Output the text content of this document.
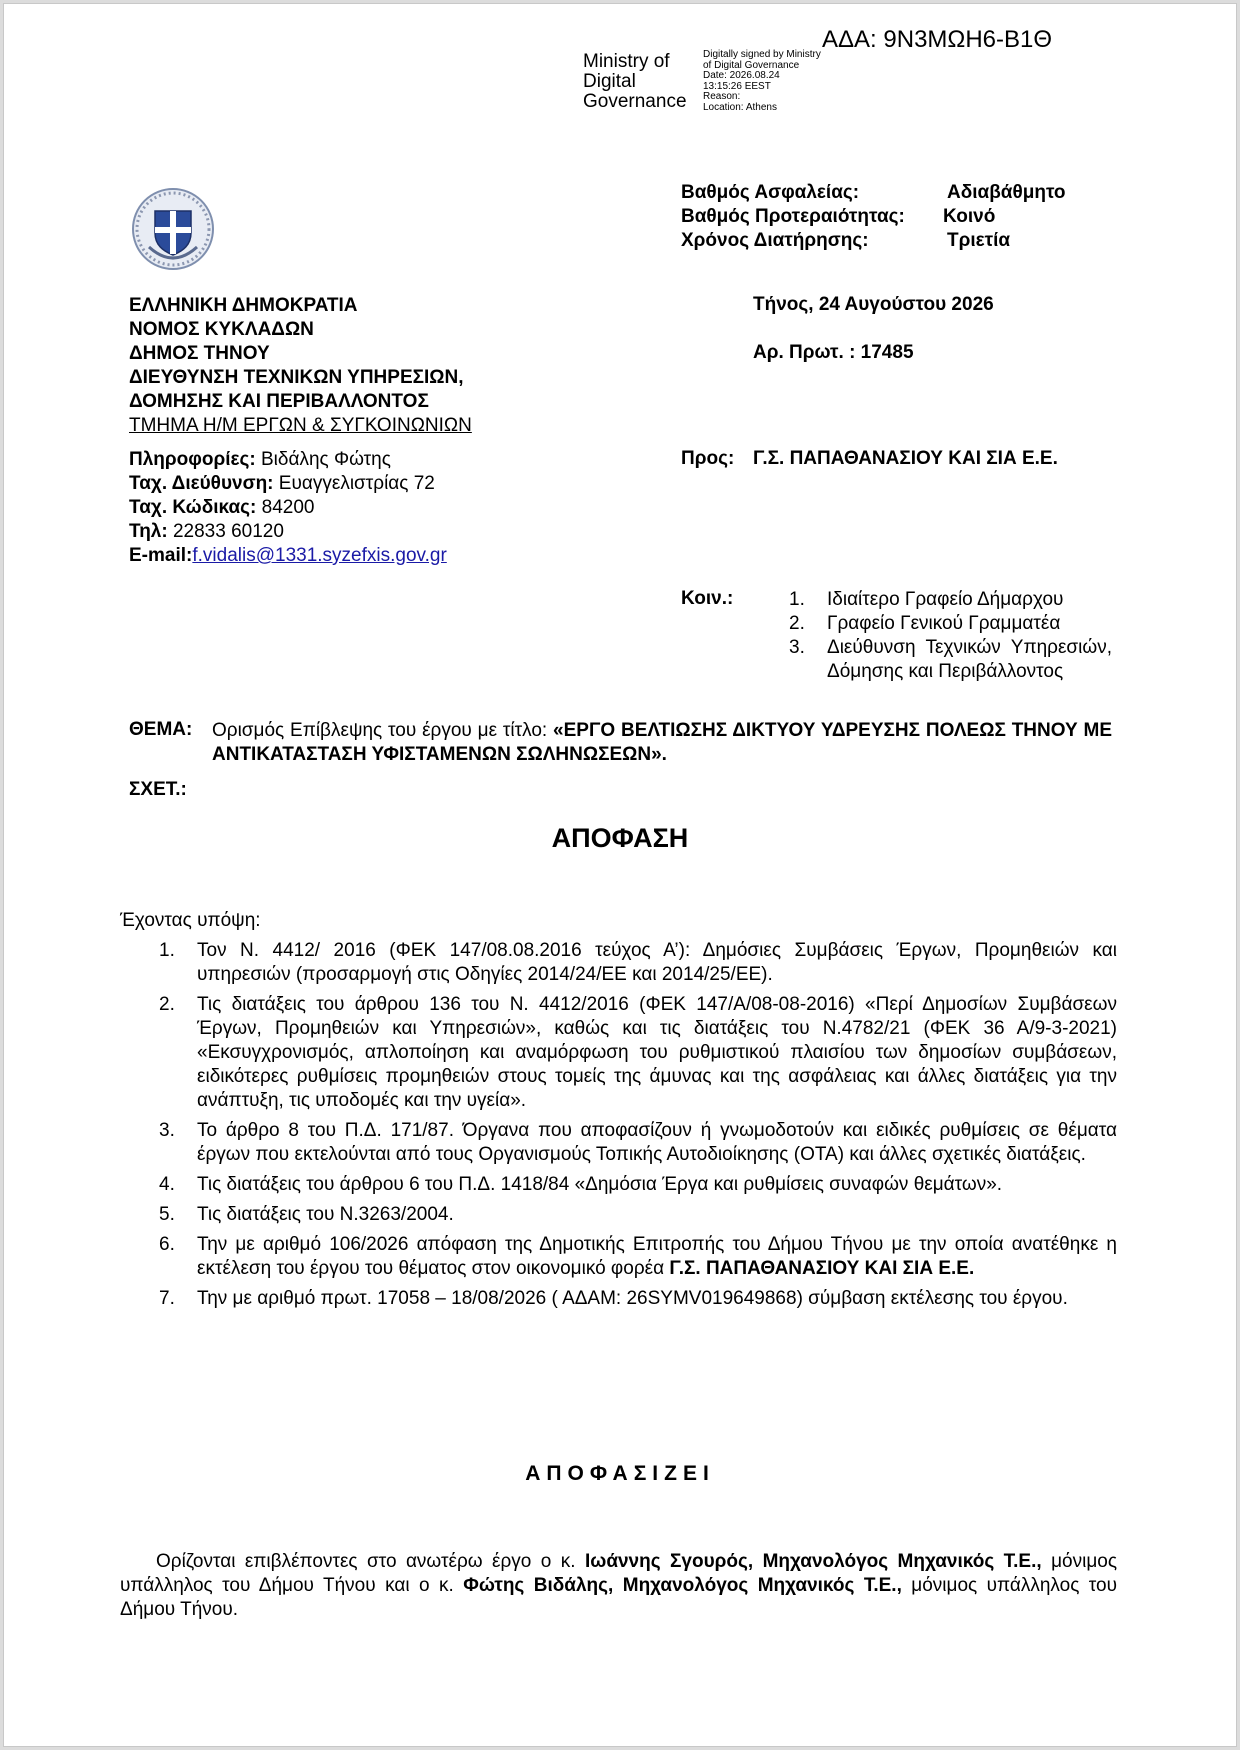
ΑΔΑ: 9Ν3ΜΩΗ6-Β1Θ
Ministry of
Digital
Governance
Digitally signed by Ministry
of Digital Governance
Date: 2026.08.24
13:15:26 EEST
Reason:
Location: Athens
Βαθμός Ασφαλείας:
Βαθμός Προτεραιότητας:
Χρόνος Διατήρησης:
Αδιαβάθμητο
Κοινό
Τριετία
ΕΛΛΗΝΙΚΗ ΔΗΜΟΚΡΑΤΙΑ
ΝΟΜΟΣ ΚΥΚΛΑΔΩΝ
ΔΗΜΟΣ ΤΗΝΟΥ
ΔΙΕΥΘΥΝΣΗ ΤΕΧΝΙΚΩΝ ΥΠΗΡΕΣΙΩΝ,
ΔΟΜΗΣΗΣ ΚΑΙ ΠΕΡΙΒΑΛΛΟΝΤΟΣ
ΤΜΗΜΑ Η/Μ ΕΡΓΩΝ & ΣΥΓΚΟΙΝΩΝΙΩΝ
Τήνος, 24 Αυγούστου 2026
Αρ. Πρωτ. : 17485
Πληροφορίες: Βιδάλης Φώτης
Ταχ. Διεύθυνση: Ευαγγελιστρίας 72
Ταχ. Κώδικας: 84200
Τηλ: 22833 60120
E-mail:f.vidalis@1331.syzefxis.gov.gr
Προς: Γ.Σ. ΠΑΠΑΘΑΝΑΣΙΟΥ ΚΑΙ ΣΙΑ Ε.Ε.
Κοιν.:	1. Ιδιαίτερο Γραφείο Δήμαρχου
2. Γραφείο Γενικού Γραμματέα
3. Διεύθυνση Τεχνικών Υπηρεσιών, Δόμησης και Περιβάλλοντος
ΘΕΜΑ: Ορισμός Επίβλεψης του έργου με τίτλο: «ΕΡΓΟ ΒΕΛΤΙΩΣΗΣ ΔΙΚΤΥΟΥ ΥΔΡΕΥΣΗΣ ΠΟΛΕΩΣ ΤΗΝΟΥ ΜΕ ΑΝΤΙΚΑΤΑΣΤΑΣΗ ΥΦΙΣΤΑΜΕΝΩΝ ΣΩΛΗΝΩΣΕΩΝ».
ΣΧΕΤ.:
ΑΠΟΦΑΣΗ
Έχοντας υπόψη:
1. Τον Ν. 4412/ 2016 (ΦΕΚ 147/08.08.2016 τεύχος Α’): Δημόσιες Συμβάσεις Έργων, Προμηθειών και υπηρεσιών (προσαρμογή στις Οδηγίες 2014/24/ΕΕ και 2014/25/ΕΕ).
2. Τις διατάξεις του άρθρου 136 του Ν. 4412/2016 (ΦΕΚ 147/Α/08-08-2016) «Περί Δημοσίων Συμβάσεων Έργων, Προμηθειών και Υπηρεσιών», καθώς και τις διατάξεις του Ν.4782/21 (ΦΕΚ 36 Α/9-3-2021) «Εκσυγχρονισμός, απλοποίηση και αναμόρφωση του ρυθμιστικού πλαισίου των δημοσίων συμβάσεων, ειδικότερες ρυθμίσεις προμηθειών στους τομείς της άμυνας και της ασφάλειας και άλλες διατάξεις για την ανάπτυξη, τις υποδομές και την υγεία».
3. Το άρθρο 8 του Π.Δ. 171/87. Όργανα που αποφασίζουν ή γνωμοδοτούν και ειδικές ρυθμίσεις σε θέματα έργων που εκτελούνται από τους Οργανισμούς Τοπικής Αυτοδιοίκησης (ΟΤΑ) και άλλες σχετικές διατάξεις.
4. Τις διατάξεις του άρθρου 6 του Π.Δ. 1418/84 «Δημόσια Έργα και ρυθμίσεις συναφών θεμάτων».
5. Τις διατάξεις του Ν.3263/2004.
6. Την με αριθμό 106/2026 απόφαση της Δημοτικής Επιτροπής του Δήμου Τήνου με την οποία ανατέθηκε η εκτέλεση του έργου του θέματος στον οικονομικό φορέα Γ.Σ. ΠΑΠΑΘΑΝΑΣΙΟΥ ΚΑΙ ΣΙΑ Ε.Ε.
7. Την με αριθμό πρωτ. 17058 – 18/08/2026 ( ΑΔΑΜ: 26SYMV019649868) σύμβαση εκτέλεσης του έργου.
ΑΠΟΦΑΣΙΖΕΙ
Ορίζονται επιβλέποντες στο ανωτέρω έργο ο κ. Ιωάννης Σγουρός, Μηχανολόγος Μηχανικός Τ.Ε., μόνιμος υπάλληλος του Δήμου Τήνου και ο κ. Φώτης Βιδάλης, Μηχανολόγος Μηχανικός Τ.Ε., μόνιμος υπάλληλος του Δήμου Τήνου.
